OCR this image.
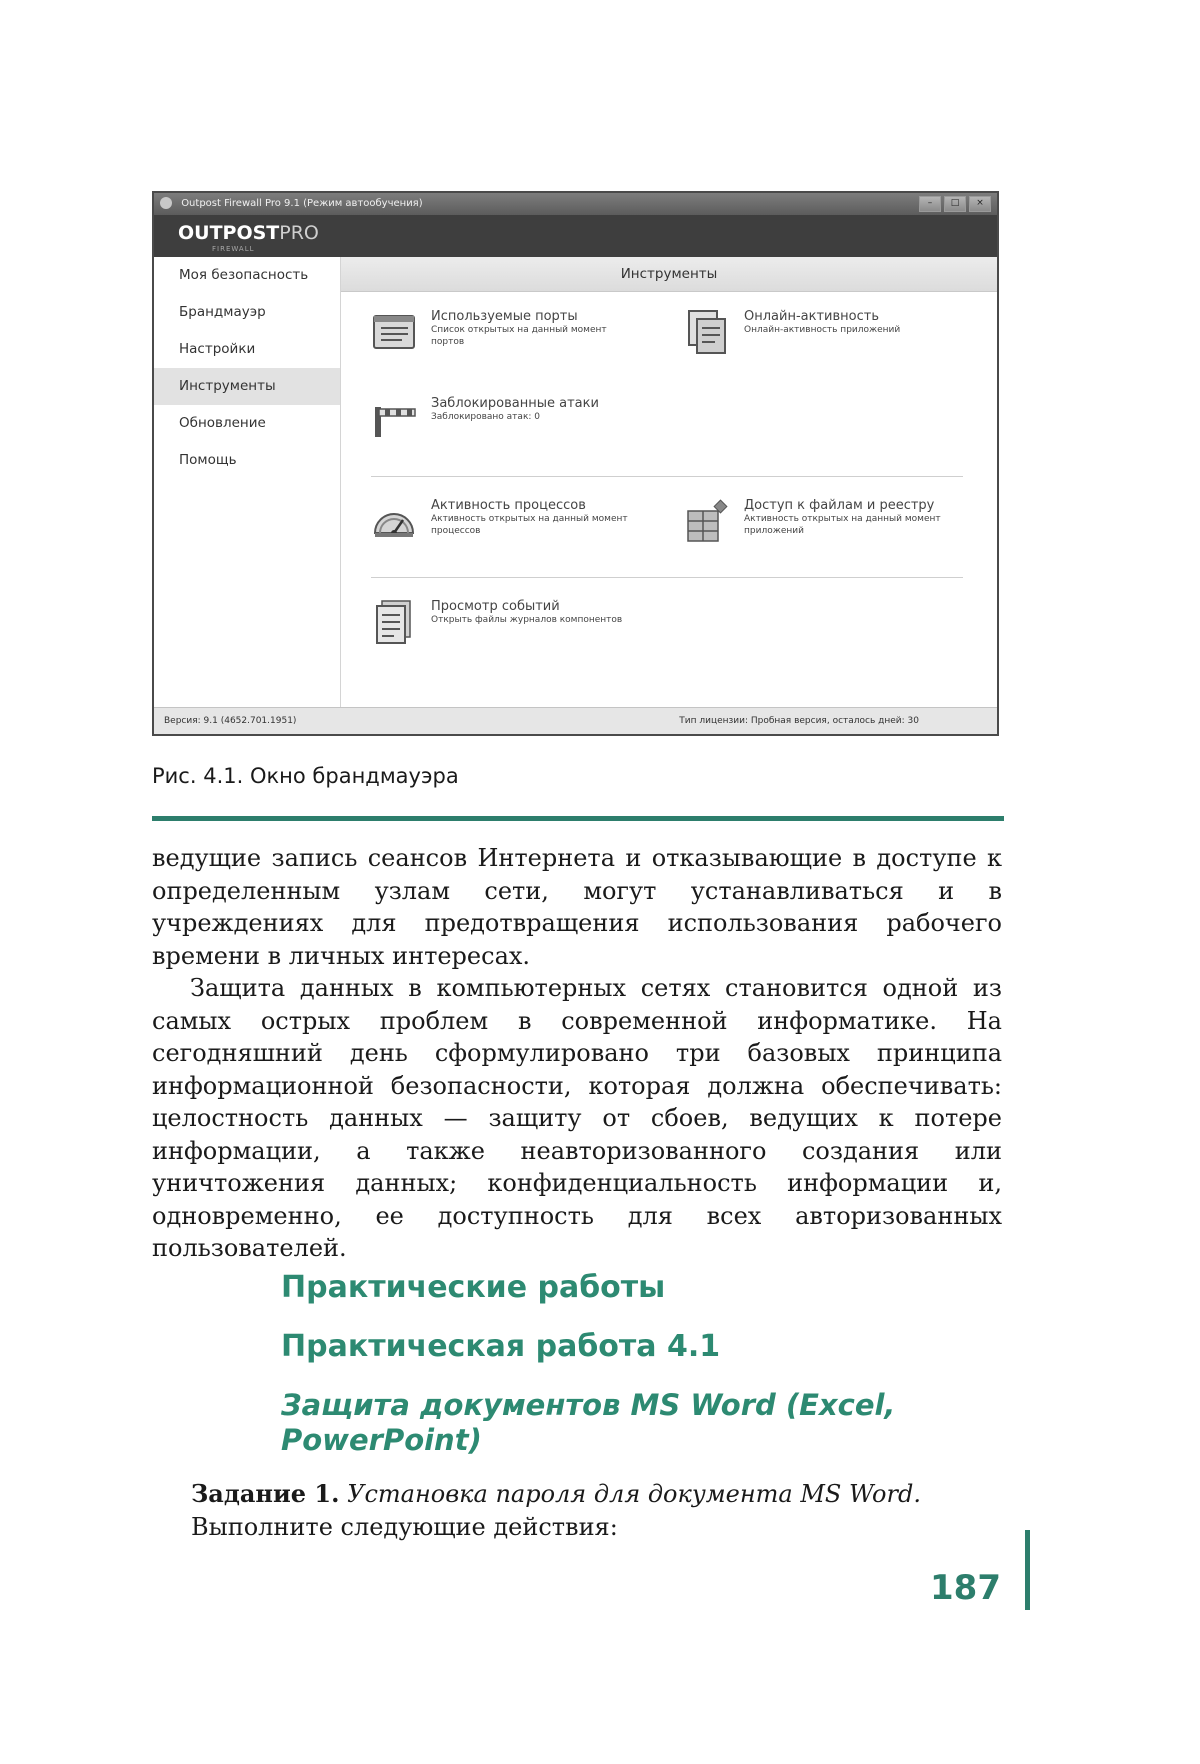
Outpost Firewall Pro 9.1 (Режим автообучения)	–	□	×
OUTPOSTPRO
FIREWALL
Моя безопасность
Брандмауэр
Настройки
Инструменты
Обновление
Помощь
Инструменты
Используемые порты
Список открытых на данный момент портов
Онлайн-активность
Онлайн-активность приложений
Заблокированные атаки
Заблокировано атак: 0
Активность процессов
Активность открытых на данный момент процессов
Доступ к файлам и реестру
Активность открытых на данный момент приложений
Просмотр событий
Открыть файлы журналов компонентов
Версия: 9.1 (4652.701.1951)	Тип лицензии: Пробная версия, осталось дней: 30
Рис. 4.1. Окно брандмауэра

ведущие запись сеансов Интернета и отказывающие в доступе к определенным узлам сети, могут устанавливаться и в учреждениях для предотвращения использования рабочего времени в личных интересах.

Защита данных в компьютерных сетях становится одной из самых острых проблем в современной информатике. На сегодняшний день сформулировано три базовых принципа информационной безопасности, которая должна обеспечивать: целостность данных — защиту от сбоев, ведущих к потере информации, а также неавторизованного создания или уничтожения данных; конфиденциальность информации и, одновременно, ее доступность для всех авторизованных пользователей.

Практические работы
Практическая работа 4.1
Защита документов MS Word (Excel, PowerPoint)
Задание 1. Установка пароля для документа MS Word.
Выполните следующие действия:
187
